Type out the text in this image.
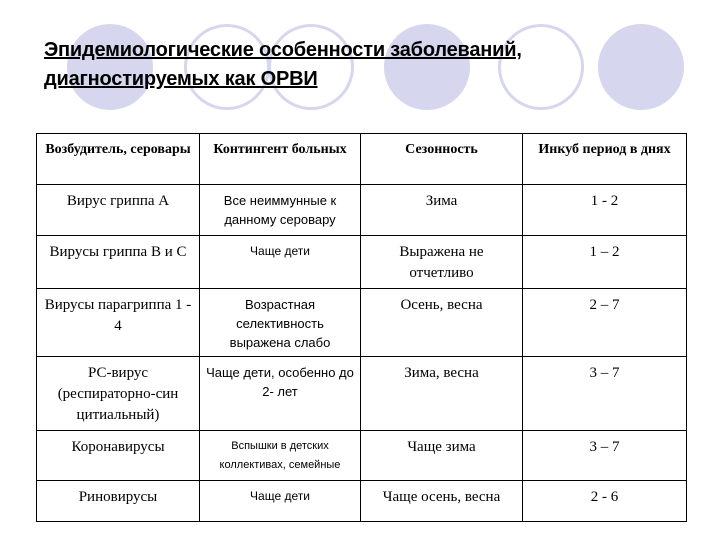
Эпидемиологические особенности заболеваний,
диагностируемых как ОРВИ
Возбудитель, серовары	Контингент больных	Сезонность	Инкуб период в днях
Вирус гриппа А	Все неиммунные к данному серовару	Зима	1 - 2
Вирусы гриппа В и С	Чаще дети	Выражена не отчетливо	1 – 2
Вирусы парагриппа 1 - 4	Возрастная селективность выражена слабо	Осень, весна	2 – 7
РС-вирус (респираторно-син цитиальный)	Чаще дети, особенно до 2- лет	Зима, весна	3 – 7
Коронавирусы	Вспышки в детских коллективах, семейные	Чаще зима	3 – 7
Риновирусы	Чаще дети	Чаще осень, весна	2 - 6
